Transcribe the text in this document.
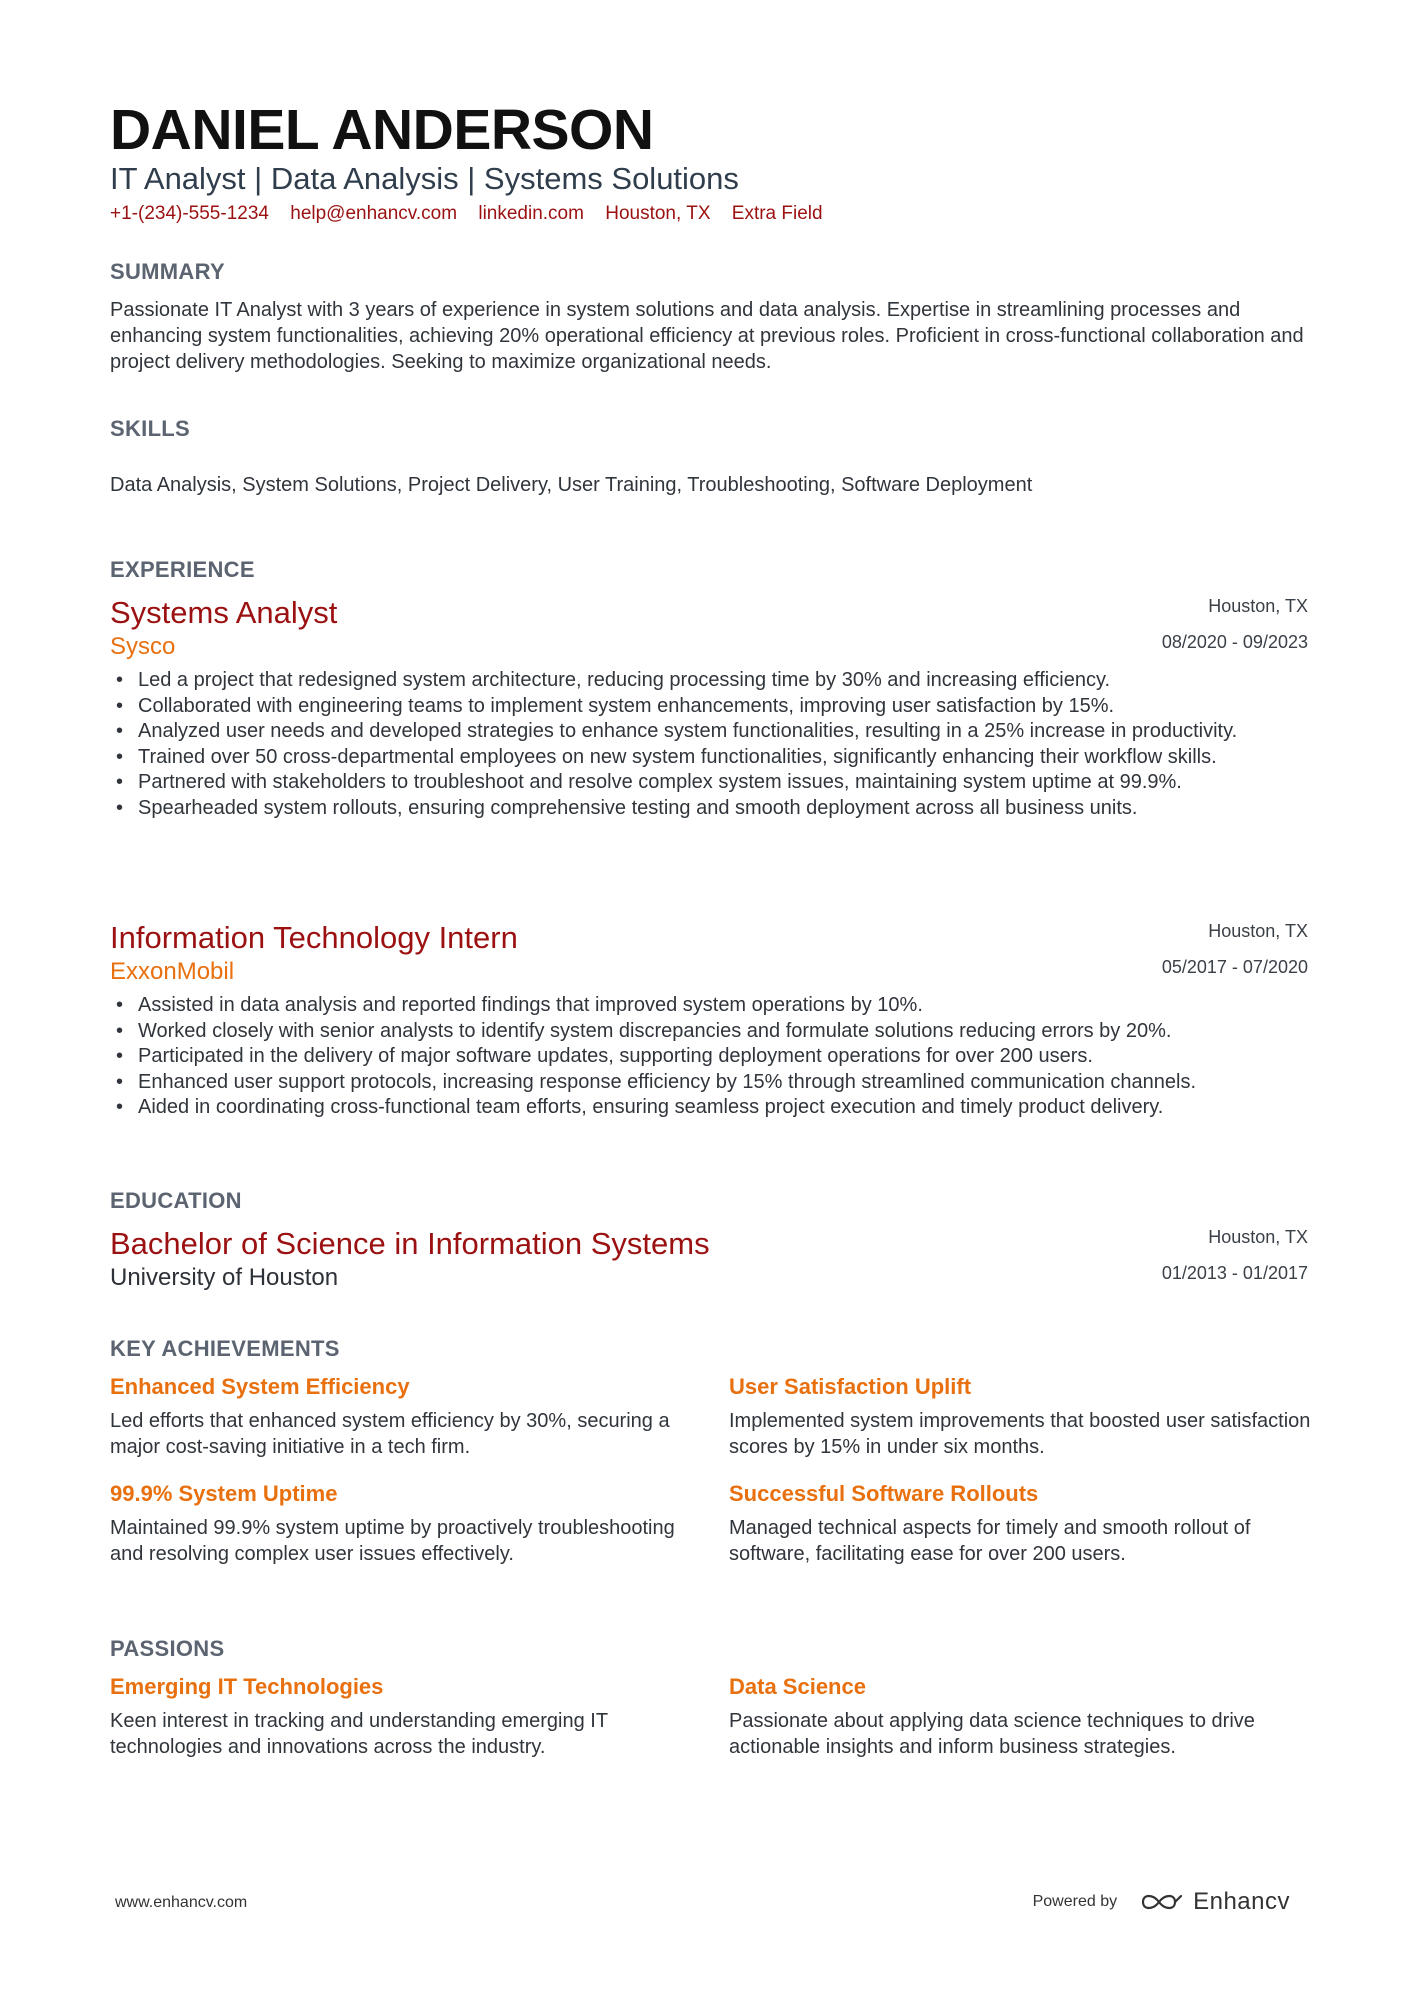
DANIEL ANDERSON
IT Analyst | Data Analysis | Systems Solutions
+1-(234)-555-1234 help@enhancv.com linkedin.com Houston, TX Extra Field
SUMMARY
Passionate IT Analyst with 3 years of experience in system solutions and data analysis. Expertise in streamlining processes and enhancing system functionalities, achieving 20% operational efficiency at previous roles. Proficient in cross-functional collaboration and project delivery methodologies. Seeking to maximize organizational needs.
SKILLS
Data Analysis, System Solutions, Project Delivery, User Training, Troubleshooting, Software Deployment
EXPERIENCE
Systems Analyst	Houston, TX
Sysco	08/2020 - 09/2023
• Led a project that redesigned system architecture, reducing processing time by 30% and increasing efficiency.
• Collaborated with engineering teams to implement system enhancements, improving user satisfaction by 15%.
• Analyzed user needs and developed strategies to enhance system functionalities, resulting in a 25% increase in productivity.
• Trained over 50 cross-departmental employees on new system functionalities, significantly enhancing their workflow skills.
• Partnered with stakeholders to troubleshoot and resolve complex system issues, maintaining system uptime at 99.9%.
• Spearheaded system rollouts, ensuring comprehensive testing and smooth deployment across all business units.
Information Technology Intern	Houston, TX
ExxonMobil	05/2017 - 07/2020
• Assisted in data analysis and reported findings that improved system operations by 10%.
• Worked closely with senior analysts to identify system discrepancies and formulate solutions reducing errors by 20%.
• Participated in the delivery of major software updates, supporting deployment operations for over 200 users.
• Enhanced user support protocols, increasing response efficiency by 15% through streamlined communication channels.
• Aided in coordinating cross-functional team efforts, ensuring seamless project execution and timely product delivery.
EDUCATION
Bachelor of Science in Information Systems	Houston, TX
University of Houston	01/2013 - 01/2017
KEY ACHIEVEMENTS
Enhanced System Efficiency

Led efforts that enhanced system efficiency by 30%, securing a major cost-saving initiative in a tech firm.

User Satisfaction Uplift

Implemented system improvements that boosted user satisfaction scores by 15% in under six months.

99.9% System Uptime

Maintained 99.9% system uptime by proactively troubleshooting and resolving complex user issues effectively.

Successful Software Rollouts

Managed technical aspects for timely and smooth rollout of software, facilitating ease for over 200 users.

PASSIONS
Emerging IT Technologies

Keen interest in tracking and understanding emerging IT technologies and innovations across the industry.

Data Science

Passionate about applying data science techniques to drive actionable insights and inform business strategies.

www.enhancv.com	Powered by	Enhancv
